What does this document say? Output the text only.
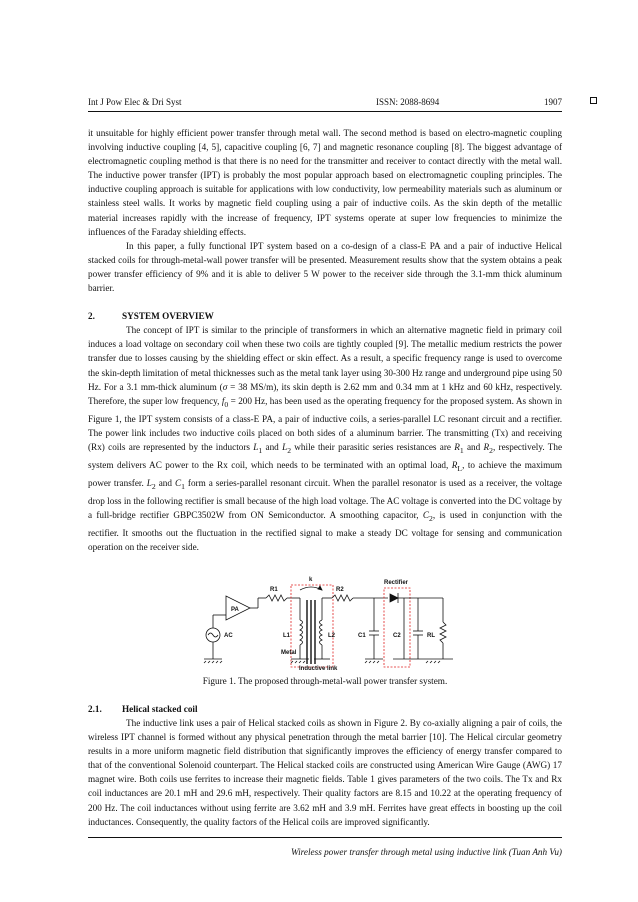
Int J Pow Elec & Dri Syst	ISSN: 2088-8694	1907

it unsuitable for highly efficient power transfer through metal wall. The second method is based on electro-magnetic coupling involving inductive coupling [4, 5], capacitive coupling [6, 7] and magnetic resonance coupling [8]. The biggest advantage of electromagnetic coupling method is that there is no need for the transmitter and receiver to contact directly with the metal wall. The inductive power transfer (IPT) is probably the most popular approach based on electromagnetic coupling principles. The inductive coupling approach is suitable for applications with low conductivity, low permeability materials such as aluminum or stainless steel walls. It works by magnetic field coupling using a pair of inductive coils. As the skin depth of the metallic material increases rapidly with the increase of frequency, IPT systems operate at super low frequencies to minimize the influences of the Faraday shielding effects.

In this paper, a fully functional IPT system based on a co-design of a class-E PA and a pair of inductive Helical stacked coils for through-metal-wall power transfer will be presented. Measurement results show that the system obtains a peak power transfer efficiency of 9% and it is able to deliver 5 W power to the receiver side through the 3.1-mm thick aluminum barrier.

2.	SYSTEM OVERVIEW

The concept of IPT is similar to the principle of transformers in which an alternative magnetic field in primary coil induces a load voltage on secondary coil when these two coils are tightly coupled [9]. The metallic medium restricts the power transfer due to losses causing by the shielding effect or skin effect. As a result, a specific frequency range is used to overcome the skin-depth limitation of metal thicknesses such as the metal tank layer using 30-300 Hz range and underground pipe using 50 Hz. For a 3.1 mm-thick aluminum (σ = 38 MS/m), its skin depth is 2.62 mm and 0.34 mm at 1 kHz and 60 kHz, respectively. Therefore, the super low frequency, $f_0 = 200$ Hz, has been used as the operating frequency for the proposed system. As shown in Figure 1, the IPT system consists of a class-E PA, a pair of inductive coils, a series-parallel LC resonant circuit and a rectifier. The power link includes two inductive coils placed on both sides of a aluminum barrier. The transmitting (Tx) and receiving (Rx) coils are represented by the inductors $L_1$ and $L_2$ while their parasitic series resistances are $R_1$ and $R_2$, respectively. The system delivers AC power to the Rx coil, which needs to be terminated with an optimal load, $R_L$, to achieve the maximum power transfer. $L_2$ and $C_1$ form a series-parallel resonant circuit. When the parallel resonator is used as a receiver, the voltage drop loss in the following rectifier is small because of the high load voltage. The AC voltage is converted into the DC voltage by a full-bridge rectifier GBPC3502W from ON Semiconductor. A smoothing capacitor, $C_2$, is used in conjunction with the rectifier. It smooths out the fluctuation in the rectified signal to make a steady DC voltage for sensing and communication operation on the receiver side.

k
R1	R2
Rectifier
PA
AC	L1	L2	C1	C2	RL
Metal
Inductive link

Figure 1. The proposed through-metal-wall power transfer system.

2.1. Helical stacked coil

The inductive link uses a pair of Helical stacked coils as shown in Figure 2. By co-axially aligning a pair of coils, the wireless IPT channel is formed without any physical penetration through the metal barrier [10]. The Helical circular geometry results in a more uniform magnetic field distribution that significantly improves the efficiency of energy transfer compared to that of the conventional Solenoid counterpart. The Helical stacked coils are constructed using American Wire Gauge (AWG) 17 magnet wire. Both coils use ferrites to increase their magnetic fields. Table 1 gives parameters of the two coils. The Tx and Rx coil inductances are 20.1 mH and 29.6 mH, respectively. Their quality factors are 8.15 and 10.22 at the operating frequency of 200 Hz. The coil inductances without using ferrite are 3.62 mH and 3.9 mH. Ferrites have great effects in boosting up the coil inductances. Consequently, the quality factors of the Helical coils are improved significantly.

Wireless power transfer through metal using inductive link (Tuan Anh Vu)
